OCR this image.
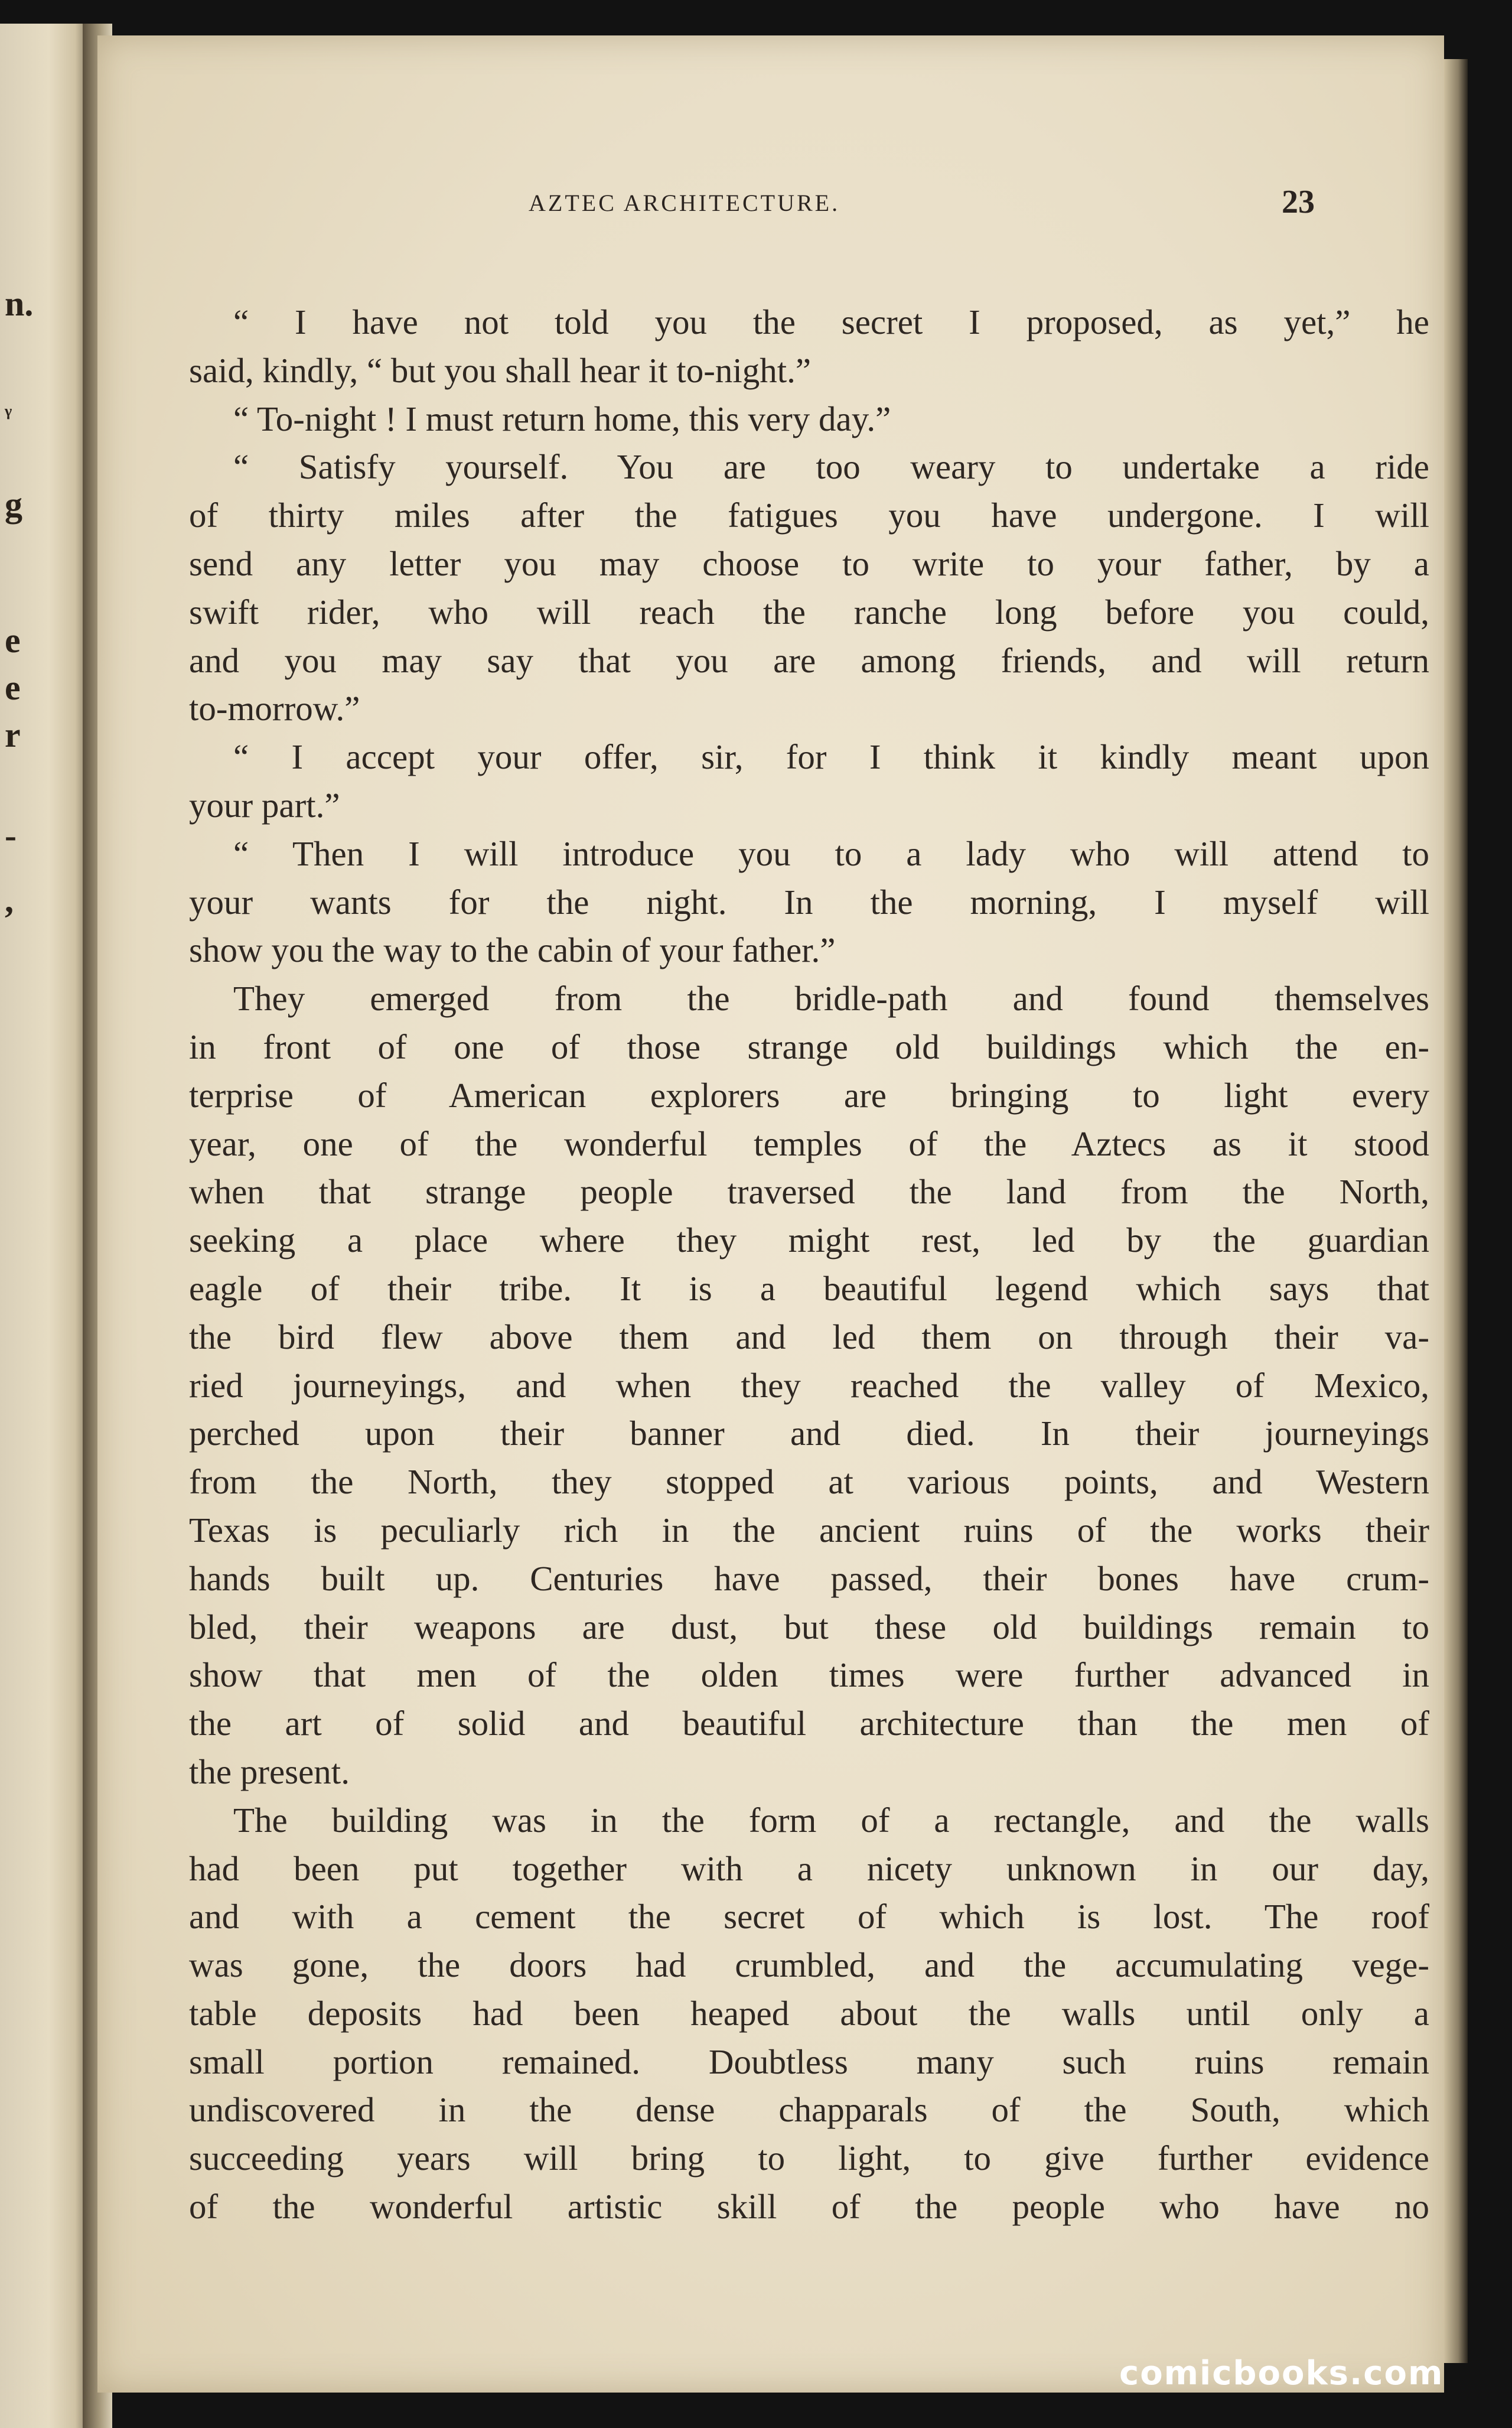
n.
ᵧ
g
e
e
r
-
,
AZTEC ARCHITECTURE.	23
“ I have not told you the secret I proposed, as yet,” he
said, kindly, “ but you shall hear it to-night.”
“ To-night ! I must return home, this very day.”
“ Satisfy yourself. You are too weary to undertake a ride
of thirty miles after the fatigues you have undergone. I will
send any letter you may choose to write to your father, by a
swift rider, who will reach the ranche long before you could,
and you may say that you are among friends, and will return
to-morrow.”
“ I accept your offer, sir, for I think it kindly meant upon
your part.”
“ Then I will introduce you to a lady who will attend to
your wants for the night. In the morning, I myself will
show you the way to the cabin of your father.”
They emerged from the bridle-path and found themselves
in front of one of those strange old buildings which the en-
terprise of American explorers are bringing to light every
year, one of the wonderful temples of the Aztecs as it stood
when that strange people traversed the land from the North,
seeking a place where they might rest, led by the guardian
eagle of their tribe. It is a beautiful legend which says that
the bird flew above them and led them on through their va-
ried journeyings, and when they reached the valley of Mexico,
perched upon their banner and died. In their journeyings
from the North, they stopped at various points, and Western
Texas is peculiarly rich in the ancient ruins of the works their
hands built up. Centuries have passed, their bones have crum-
bled, their weapons are dust, but these old buildings remain to
show that men of the olden times were further advanced in
the art of solid and beautiful architecture than the men of
the present.
The building was in the form of a rectangle, and the walls
had been put together with a nicety unknown in our day,
and with a cement the secret of which is lost. The roof
was gone, the doors had crumbled, and the accumulating vege-
table deposits had been heaped about the walls until only a
small portion remained. Doubtless many such ruins remain
undiscovered in the dense chapparals of the South, which
succeeding years will bring to light, to give further evidence
of the wonderful artistic skill of the people who have no
comicbooks.com
